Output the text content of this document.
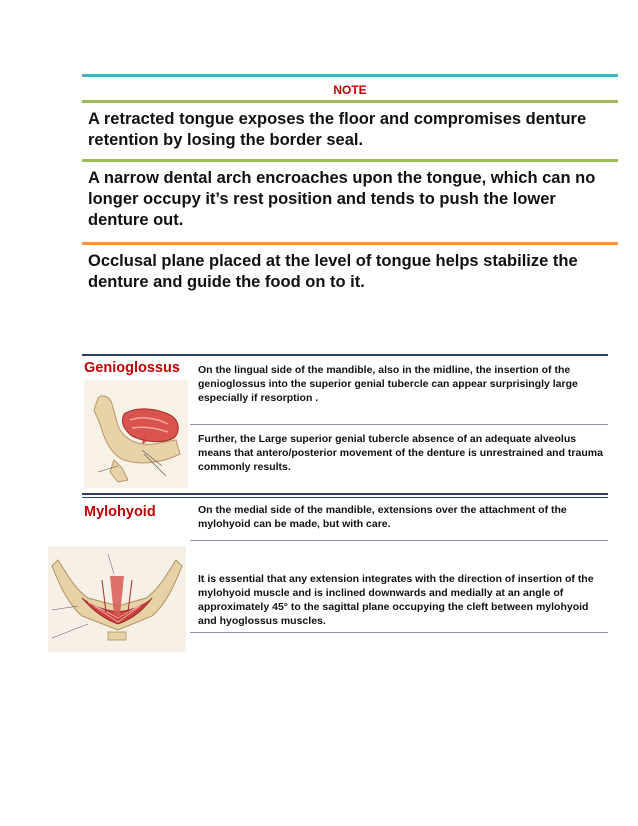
NOTE
A retracted tongue exposes the floor and compromises denture retention by losing the border seal.
A narrow dental arch encroaches upon the tongue, which can no longer occupy it’s rest position and tends to push the lower denture out.
Occlusal plane placed at the level of tongue helps stabilize the denture and guide the food on to it.
Genioglossus On the lingual side of the mandible, also in the midline, the insertion of the genioglossus into the superior genial tubercle can appear surprisingly large especially if resorption .
Further, the Large superior genial tubercle absence of an adequate alveolus means that antero/posterior movement of the denture is unrestrained and trauma commonly results.
Mylohyoid	On the medial side of the mandible, extensions over the attachment of the mylohyoid can be made, but with care.
It is essential that any extension integrates with the direction of insertion of the mylohyoid muscle and is inclined downwards and medially at an angle of approximately 45° to the sagittal plane occupying the cleft between mylohyoid and hyoglossus muscles.
